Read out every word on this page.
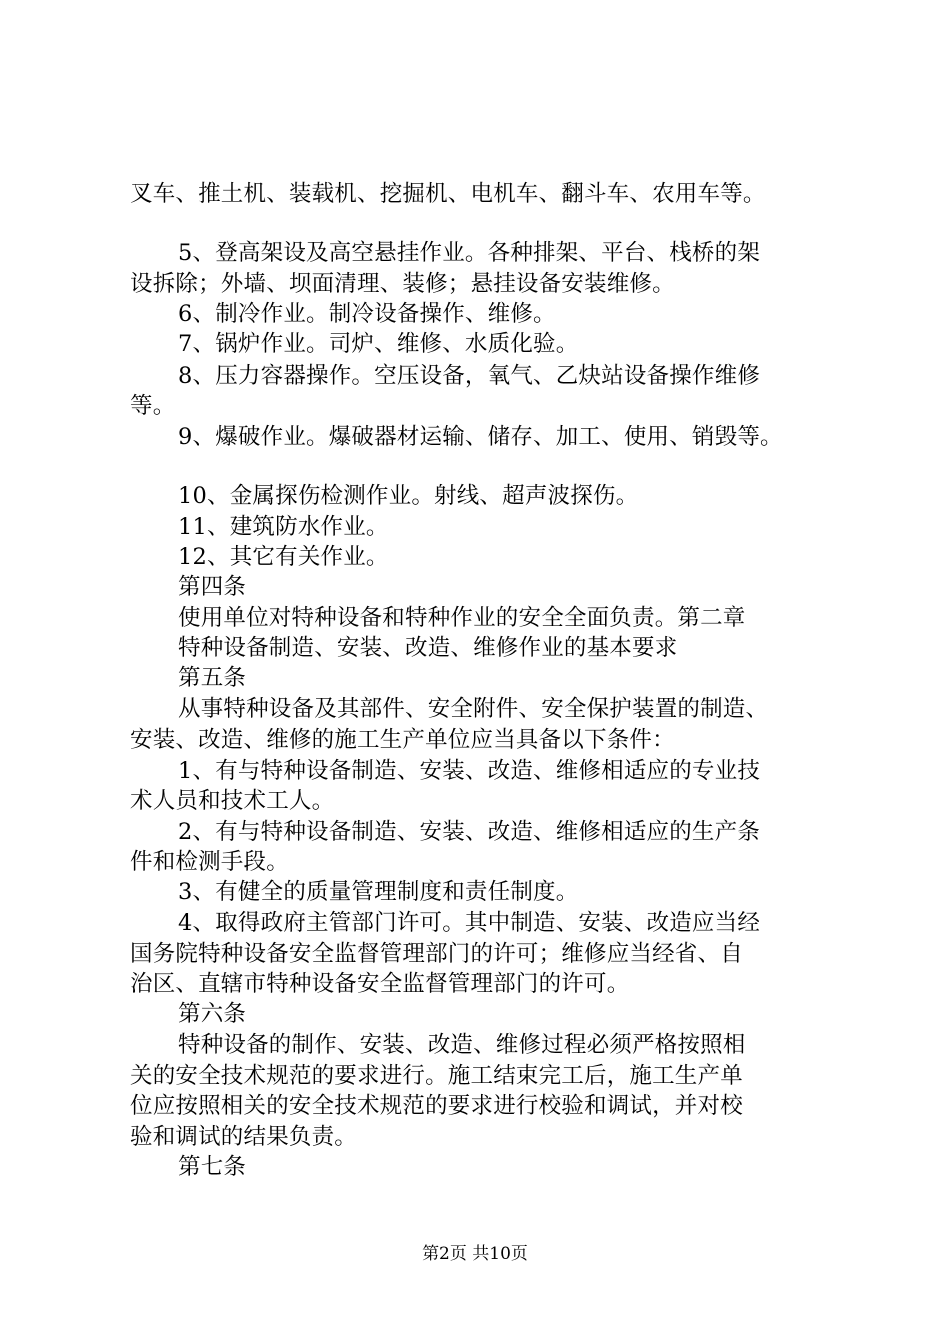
叉车、推土机、装载机、挖掘机、电机车、翻斗车、农用车等。
5、登高架设及高空悬挂作业。各种排架、平台、栈桥的架
设拆除；外墙、坝面清理、装修；悬挂设备安装维修。
6、制冷作业。制冷设备操作、维修。
7、锅炉作业。司炉、维修、水质化验。
8、压力容器操作。空压设备，氧气、乙炔站设备操作维修
等。
9、爆破作业。爆破器材运输、储存、加工、使用、销毁等。
10、金属探伤检测作业。射线、超声波探伤。
11、建筑防水作业。
12、其它有关作业。
第四条
使用单位对特种设备和特种作业的安全全面负责。第二章
特种设备制造、安装、改造、维修作业的基本要求
第五条
从事特种设备及其部件、安全附件、安全保护装置的制造、
安装、改造、维修的施工生产单位应当具备以下条件：
1、有与特种设备制造、安装、改造、维修相适应的专业技
术人员和技术工人。
2、有与特种设备制造、安装、改造、维修相适应的生产条
件和检测手段。
3、有健全的质量管理制度和责任制度。
4、取得政府主管部门许可。其中制造、安装、改造应当经
国务院特种设备安全监督管理部门的许可；维修应当经省、自
治区、直辖市特种设备安全监督管理部门的许可。
第六条
特种设备的制作、安装、改造、维修过程必须严格按照相
关的安全技术规范的要求进行。施工结束完工后，施工生产单
位应按照相关的安全技术规范的要求进行校验和调试，并对校
验和调试的结果负责。
第七条
第2页 共10页
